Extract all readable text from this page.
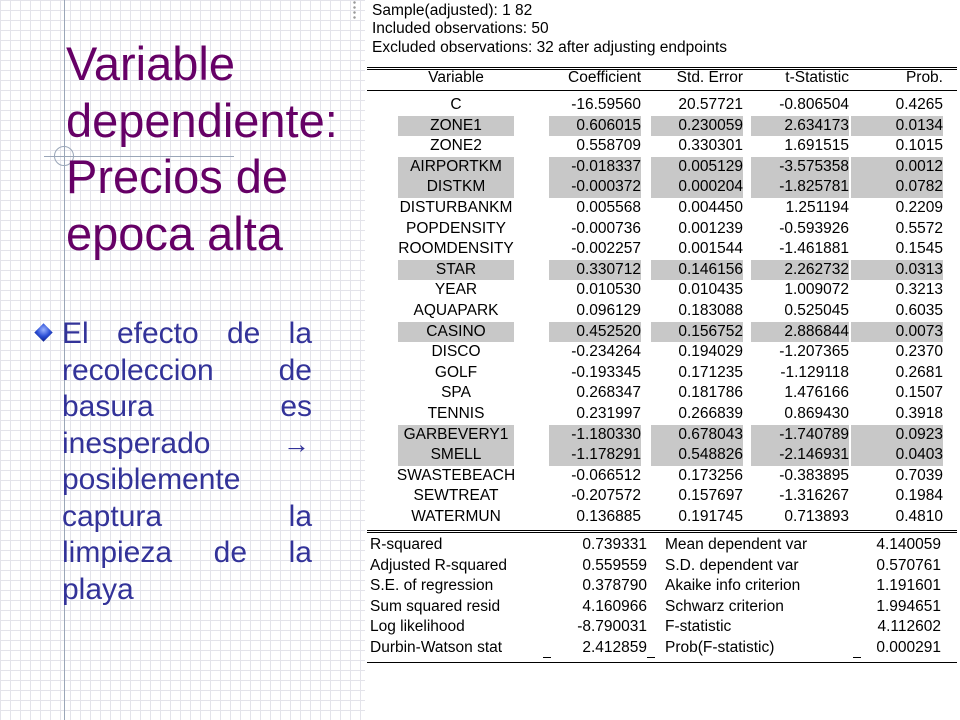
Variable
dependiente:
Precios de
epoca alta
El efecto de la recoleccion de basura es inesperado	→ posiblemente captura la limpieza de la playa
Sample(adjusted): 1 82
Included observations: 50
Excluded observations: 32 after adjusting endpoints
Variable	Coefficient	Std. Error	t-Statistic	Prob.
C	-16.59560	20.57721	-0.806504	0.4265
ZONE1	0.606015	0.230059	2.634173	0.0134
ZONE2	0.558709	0.330301	1.691515	0.1015
AIRPORTKM	-0.018337	0.005129	-3.575358	0.0012
DISTKM	-0.000372	0.000204	-1.825781	0.0782
DISTURBANKM	0.005568	0.004450	1.251194	0.2209
POPDENSITY	-0.000736	0.001239	-0.593926	0.5572
ROOMDENSITY	-0.002257	0.001544	-1.461881	0.1545
STAR	0.330712	0.146156	2.262732	0.0313
YEAR	0.010530	0.010435	1.009072	0.3213
AQUAPARK	0.096129	0.183088	0.525045	0.6035
CASINO	0.452520	0.156752	2.886844	0.0073
DISCO	-0.234264	0.194029	-1.207365	0.2370
GOLF	-0.193345	0.171235	-1.129118	0.2681
SPA	0.268347	0.181786	1.476166	0.1507
TENNIS	0.231997	0.266839	0.869430	0.3918
GARBEVERY1	-1.180330	0.678043	-1.740789	0.0923
SMELL	-1.178291	0.548826	-2.146931	0.0403
SWASTEBEACH	-0.066512	0.173256	-0.383895	0.7039
SEWTREAT	-0.207572	0.157697	-1.316267	0.1984
WATERMUN	0.136885	0.191745	0.713893	0.4810
R-squared	0.739331 Mean dependent var	4.140059
Adjusted R-squared	0.559559 S.D. dependent var	0.570761
S.E. of regression	0.378790 Akaike info criterion	1.191601
Sum squared resid	4.160966 Schwarz criterion	1.994651
Log likelihood	-8.790031 F-statistic	4.112602
Durbin-Watson stat	2.412859 Prob(F-statistic)	0.000291
